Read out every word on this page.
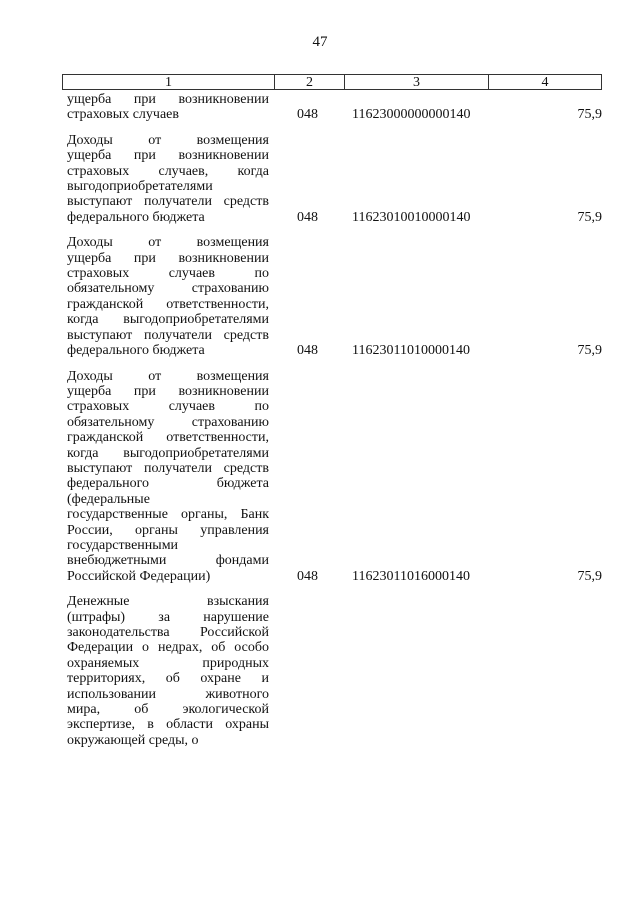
47
1	2	3	4
ущерба при возникновении
страховых случаев	048 11623000000000140	75,9
Доходы от возмещения
ущерба при возникновении
страховых случаев, когда
выгодоприобретателями
выступают получатели средств
федерального бюджета	048 11623010010000140	75,9
Доходы от возмещения
ущерба при возникновении
страховых случаев по
обязательному страхованию
гражданской ответственности,
когда выгодоприобретателями
выступают получатели средств
федерального бюджета	048 11623011010000140	75,9
Доходы от возмещения
ущерба при возникновении
страховых случаев по
обязательному страхованию
гражданской ответственности,
когда выгодоприобретателями
выступают получатели средств
федерального бюджета
(федеральные
государственные органы, Банк
России, органы управления
государственными
внебюджетными фондами
Российской Федерации)	048 11623011016000140	75,9
Денежные взыскания
(штрафы) за нарушение
законодательства Российской
Федерации о недрах, об особо
охраняемых природных
территориях, об охране и
использовании животного
мира, об экологической
экспертизе, в области охраны
окружающей среды, о
